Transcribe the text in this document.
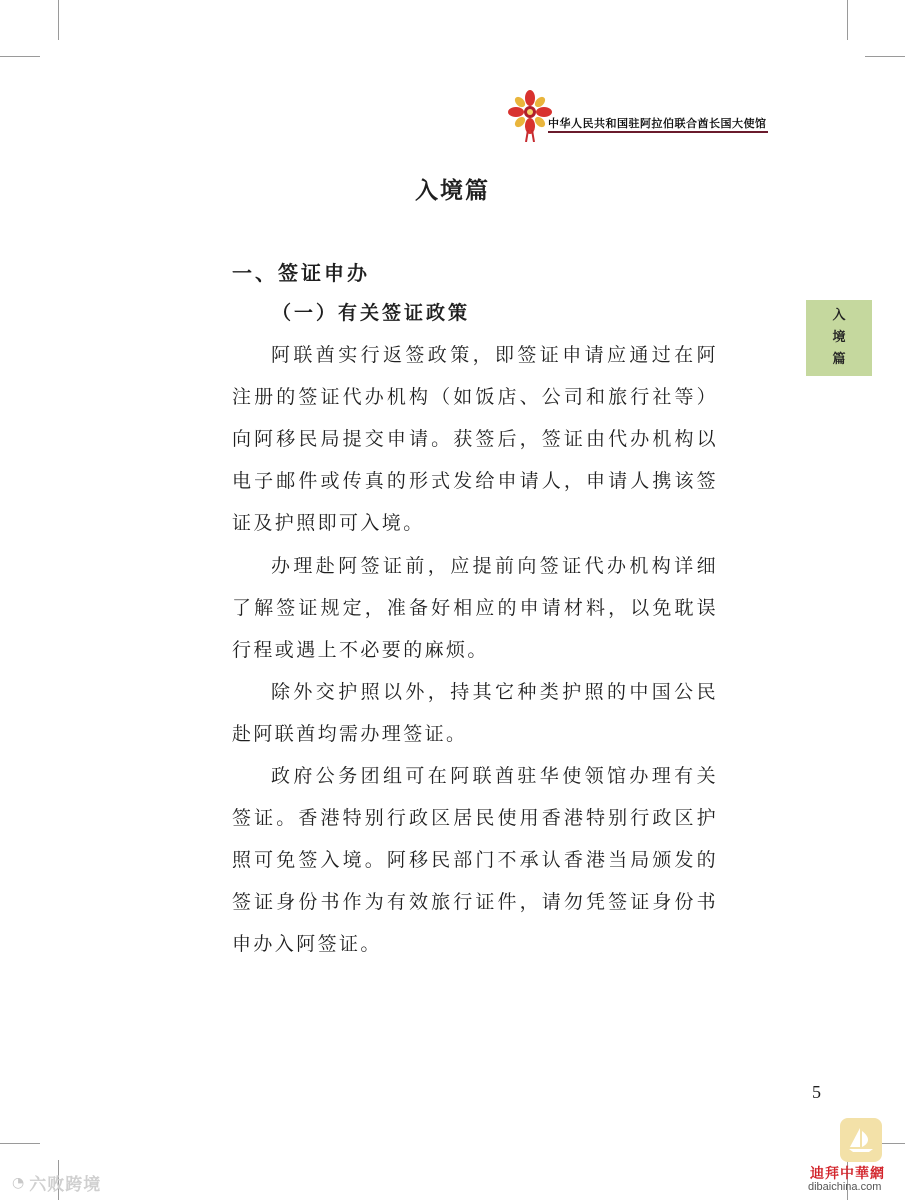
中华人民共和国驻阿拉伯联合酋长国大使馆
入
境
篇
入境篇
一、签证申办
（一）有关签证政策

阿联酋实行返签政策，即签证申请应通过在阿注册的签证代办机构（如饭店、公司和旅行社等）向阿移民局提交申请。获签后，签证由代办机构以电子邮件或传真的形式发给申请人，申请人携该签证及护照即可入境。

办理赴阿签证前，应提前向签证代办机构详细了解签证规定，准备好相应的申请材料，以免耽误行程或遇上不必要的麻烦。

除外交护照以外，持其它种类护照的中国公民赴阿联酋均需办理签证。

政府公务团组可在阿联酋驻华使领馆办理有关签证。香港特别行政区居民使用香港特别行政区护照可免签入境。阿移民部门不承认香港当局颁发的签证身份书作为有效旅行证件，请勿凭签证身份书申办入阿签证。

5
◔ 六败跨境
迪拜中華網
dibaichina.com
